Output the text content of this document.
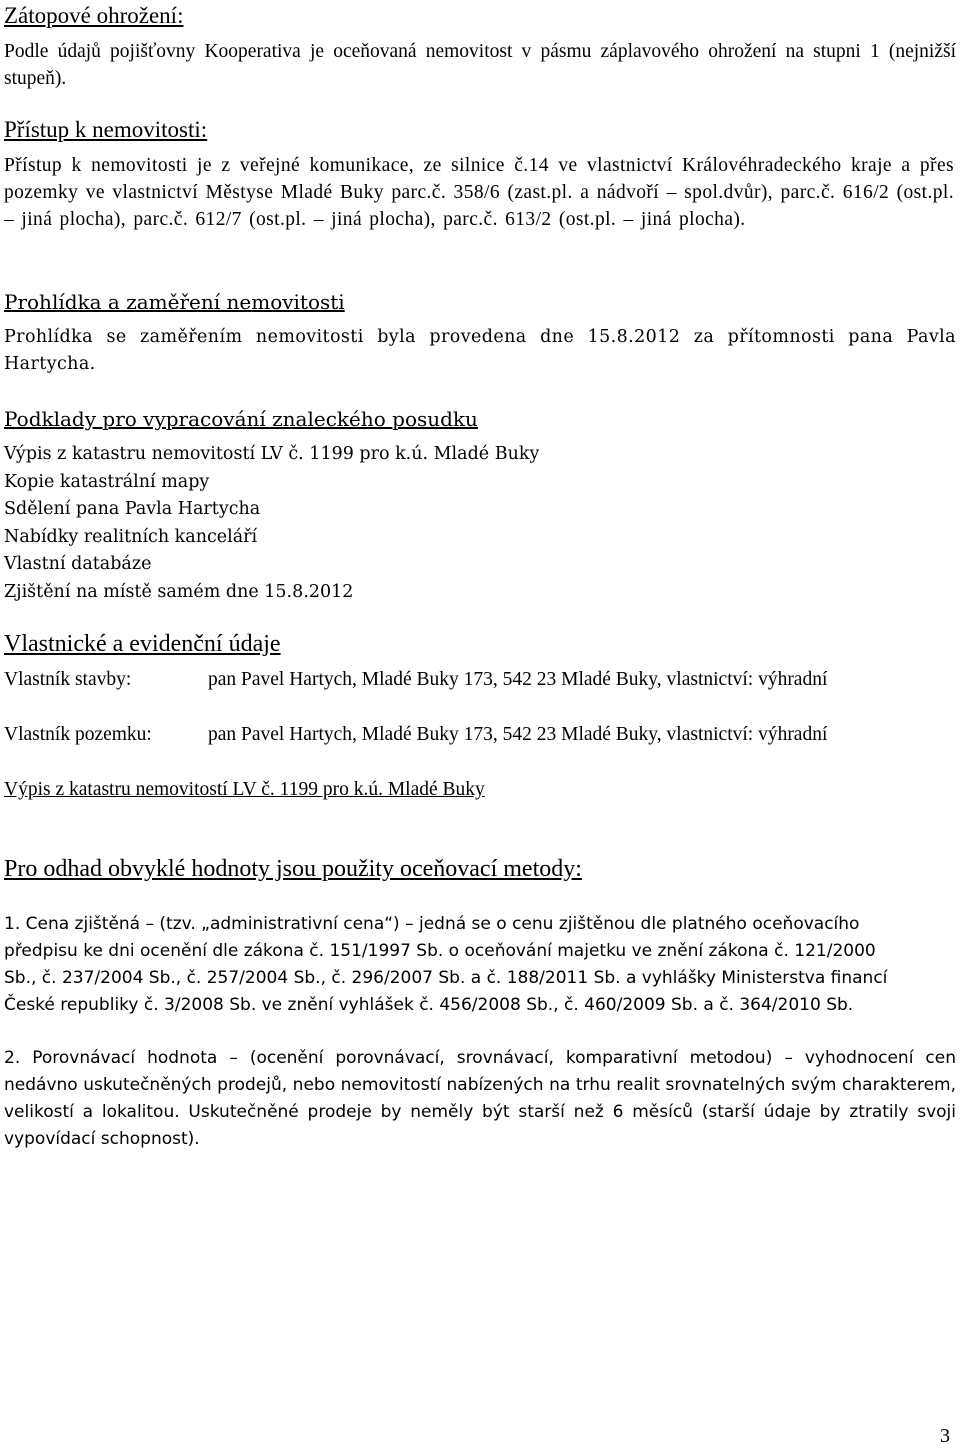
Zátopové ohrožení:
Podle údajů pojišťovny Kooperativa je oceňovaná nemovitost v pásmu záplavového ohrožení na stupni 1 (nejnižší stupeň).
Přístup k nemovitosti:
Přístup k nemovitosti je z veřejné komunikace, ze silnice č.14 ve vlastnictví Královéhradeckého kraje a přes pozemky ve vlastnictví Městyse Mladé Buky parc.č. 358/6 (zast.pl. a nádvoří – spol.dvůr), parc.č. 616/2 (ost.pl. – jiná plocha), parc.č. 612/7 (ost.pl. – jiná plocha), parc.č. 613/2 (ost.pl. – jiná plocha).
Prohlídka a zaměření nemovitosti
Prohlídka se zaměřením nemovitosti byla provedena dne 15.8.2012 za přítomnosti pana Pavla Hartycha.
Podklady pro vypracování znaleckého posudku
Výpis z katastru nemovitostí LV č. 1199 pro k.ú. Mladé Buky
Kopie katastrální mapy
Sdělení pana Pavla Hartycha
Nabídky realitních kanceláří
Vlastní databáze
Zjištění na místě samém dne 15.8.2012
Vlastnické a evidenční údaje
Vlastník stavby:	pan Pavel Hartych, Mladé Buky 173, 542 23 Mladé Buky, vlastnictví: výhradní
Vlastník pozemku:	pan Pavel Hartych, Mladé Buky 173, 542 23 Mladé Buky, vlastnictví: výhradní
Výpis z katastru nemovitostí LV č. 1199 pro k.ú. Mladé Buky
Pro odhad obvyklé hodnoty jsou použity oceňovací metody:
1. Cena zjištěná – (tzv. „administrativní cena“) – jedná se o cenu zjištěnou dle platného oceňovacího předpisu ke dni ocenění dle zákona č. 151/1997 Sb. o oceňování majetku ve znění zákona č. 121/2000 Sb., č. 237/2004 Sb., č. 257/2004 Sb., č. 296/2007 Sb. a č. 188/2011 Sb. a vyhlášky Ministerstva financí České republiky č. 3/2008 Sb. ve znění vyhlášek č. 456/2008 Sb., č. 460/2009 Sb. a č. 364/2010 Sb.
2. Porovnávací hodnota – (ocenění porovnávací, srovnávací, komparativní metodou) – vyhodnocení cen nedávno uskutečněných prodejů, nebo nemovitostí nabízených na trhu realit srovnatelných svým charakterem, velikostí a lokalitou. Uskutečněné prodeje by neměly být starší než 6 měsíců (starší údaje by ztratily svoji vypovídací schopnost).
3
